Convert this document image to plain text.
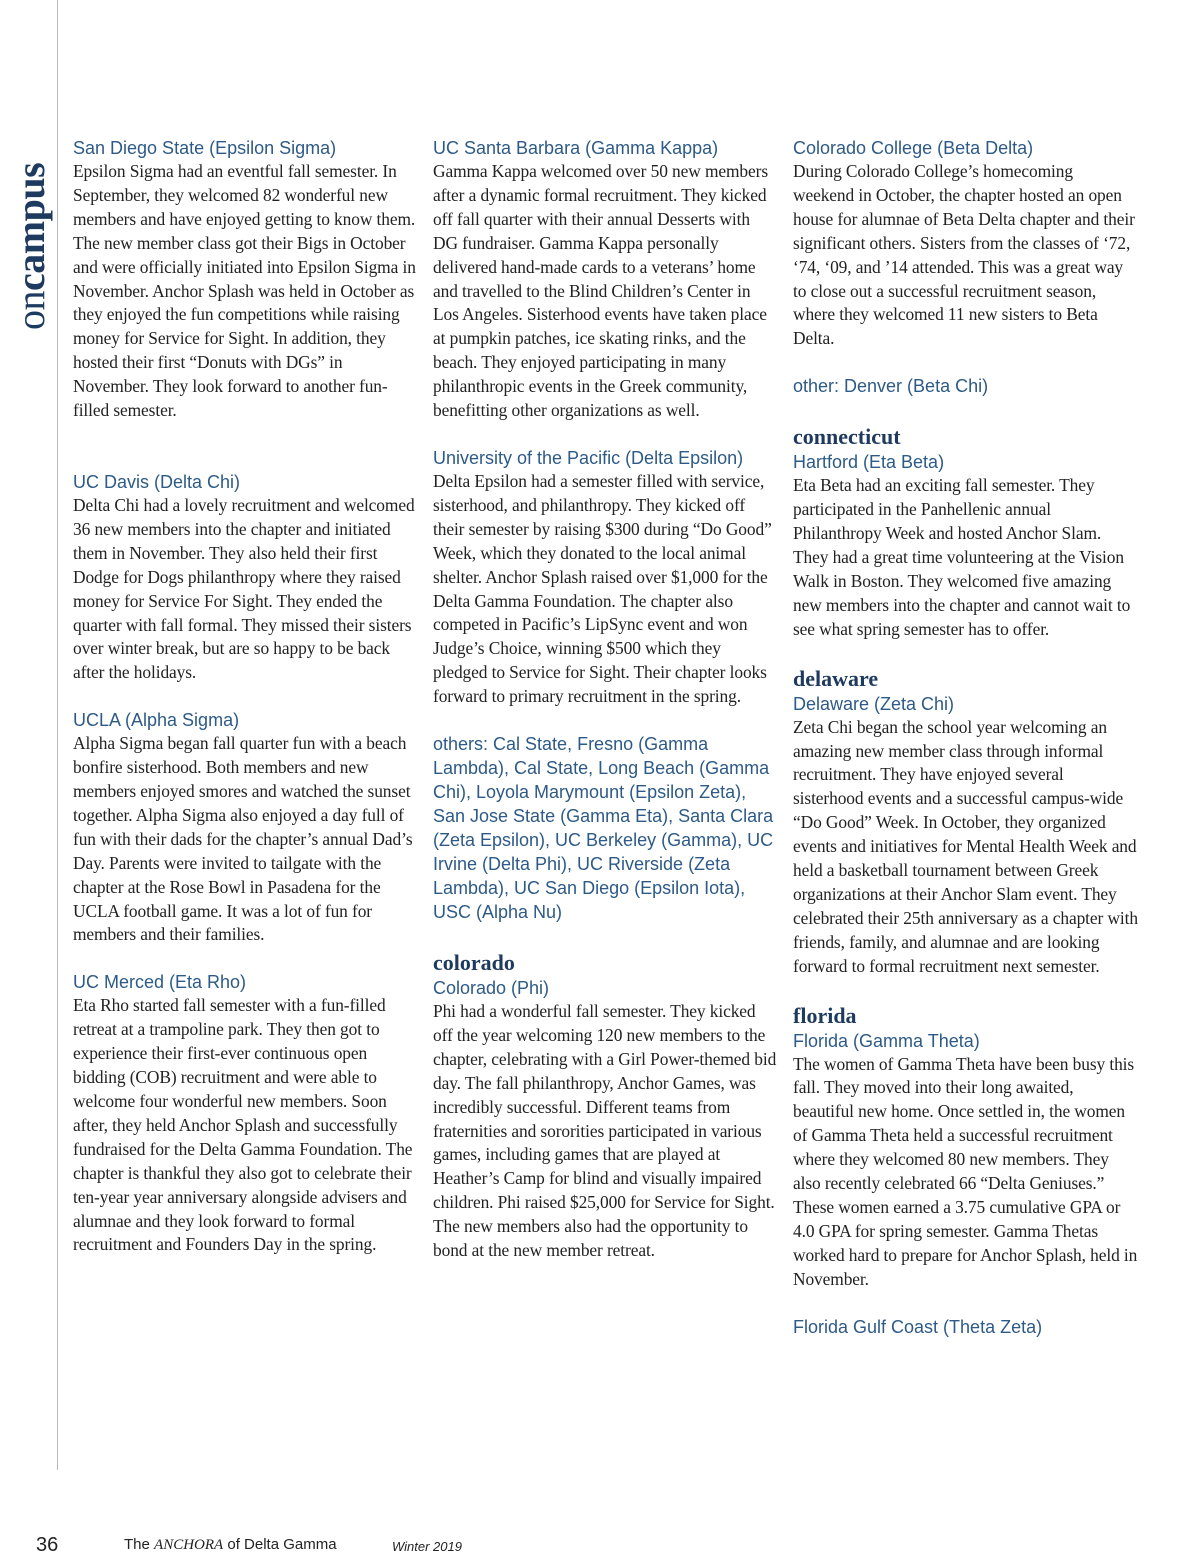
oncampus

San Diego State (Epsilon Sigma)

Epsilon Sigma had an eventful fall semester. In September, they welcomed 82 wonderful new members and have enjoyed getting to know them. The new member class got their Bigs in October and were officially initiated into Epsilon Sigma in November. Anchor Splash was held in October as they enjoyed the fun competitions while raising money for Service for Sight. In addition, they hosted their first “Donuts with DGs” in November. They look forward to another fun-filled semester.

UC Davis (Delta Chi)

Delta Chi had a lovely recruitment and welcomed 36 new members into the chapter and initiated them in November. They also held their first Dodge for Dogs philanthropy where they raised money for Service For Sight. They ended the quarter with fall formal. They missed their sisters over winter break, but are so happy to be back after the holidays.

UCLA (Alpha Sigma)

Alpha Sigma began fall quarter fun with a beach bonfire sisterhood. Both members and new members enjoyed smores and watched the sunset together. Alpha Sigma also enjoyed a day full of fun with their dads for the chapter’s annual Dad’s Day. Parents were invited to tailgate with the chapter at the Rose Bowl in Pasadena for the UCLA football game. It was a lot of fun for members and their families.

UC Merced (Eta Rho)

Eta Rho started fall semester with a fun-filled retreat at a trampoline park. They then got to experience their first-ever continuous open bidding (COB) recruitment and were able to welcome four wonderful new members. Soon after, they held Anchor Splash and successfully fundraised for the Delta Gamma Foundation. The chapter is thankful they also got to celebrate their ten-year year anniversary alongside advisers and alumnae and they look forward to formal recruitment and Founders Day in the spring.

UC Santa Barbara (Gamma Kappa)

Gamma Kappa welcomed over 50 new members after a dynamic formal recruitment. They kicked off fall quarter with their annual Desserts with DG fundraiser. Gamma Kappa personally delivered hand-made cards to a veterans’ home and travelled to the Blind Children’s Center in Los Angeles. Sisterhood events have taken place at pumpkin patches, ice skating rinks, and the beach. They enjoyed participating in many philanthropic events in the Greek community, benefitting other organizations as well.

University of the Pacific (Delta Epsilon)

Delta Epsilon had a semester filled with service, sisterhood, and philanthropy. They kicked off their semester by raising $300 during “Do Good” Week, which they donated to the local animal shelter. Anchor Splash raised over $1,000 for the Delta Gamma Foundation. The chapter also competed in Pacific’s LipSync event and won Judge’s Choice, winning $500 which they pledged to Service for Sight. Their chapter looks forward to primary recruitment in the spring.

others: Cal State, Fresno (Gamma Lambda), Cal State, Long Beach (Gamma Chi), Loyola Marymount (Epsilon Zeta), San Jose State (Gamma Eta), Santa Clara (Zeta Epsilon), UC Berkeley (Gamma), UC Irvine (Delta Phi), UC Riverside (Zeta Lambda), UC San Diego (Epsilon Iota), USC (Alpha Nu)

colorado

Colorado (Phi)

Phi had a wonderful fall semester. They kicked off the year welcoming 120 new members to the chapter, celebrating with a Girl Power-themed bid day. The fall philanthropy, Anchor Games, was incredibly successful. Different teams from fraternities and sororities participated in various games, including games that are played at Heather’s Camp for blind and visually impaired children. Phi raised $25,000 for Service for Sight. The new members also had the opportunity to bond at the new member retreat.

Colorado College (Beta Delta)

During Colorado College’s homecoming weekend in October, the chapter hosted an open house for alumnae of Beta Delta chapter and their significant others. Sisters from the classes of ‘72, ‘74, ‘09, and ’14 attended. This was a great way to close out a successful recruitment season, where they welcomed 11 new sisters to Beta Delta.

other: Denver (Beta Chi)

connecticut

Hartford (Eta Beta)

Eta Beta had an exciting fall semester. They participated in the Panhellenic annual Philanthropy Week and hosted Anchor Slam. They had a great time volunteering at the Vision Walk in Boston. They welcomed five amazing new members into the chapter and cannot wait to see what spring semester has to offer.

delaware

Delaware (Zeta Chi)

Zeta Chi began the school year welcoming an amazing new member class through informal recruitment. They have enjoyed several sisterhood events and a successful campus-wide “Do Good” Week. In October, they organized events and initiatives for Mental Health Week and held a basketball tournament between Greek organizations at their Anchor Slam event. They celebrated their 25th anniversary as a chapter with friends, family, and alumnae and are looking forward to formal recruitment next semester.

florida

Florida (Gamma Theta)

The women of Gamma Theta have been busy this fall. They moved into their long awaited, beautiful new home. Once settled in, the women of Gamma Theta held a successful recruitment where they welcomed 80 new members. They also recently celebrated 66 “Delta Geniuses.” These women earned a 3.75 cumulative GPA or 4.0 GPA for spring semester. Gamma Thetas worked hard to prepare for Anchor Splash, held in November.

Florida Gulf Coast (Theta Zeta)

36	The ANCHORA of Delta Gamma	Winter 2019
